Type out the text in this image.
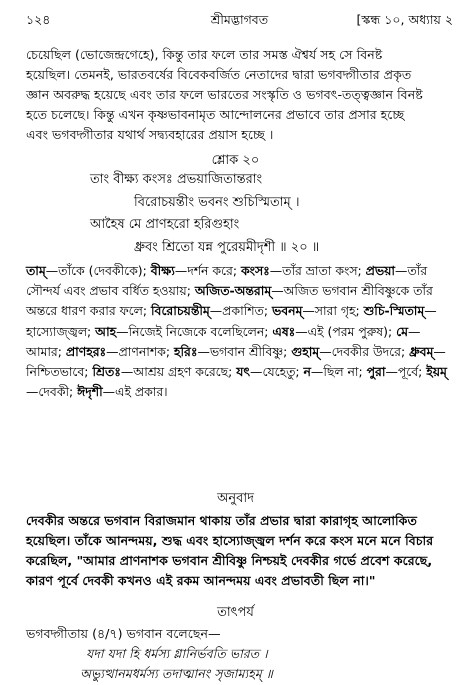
১২৪	শ্রীমদ্ভাগবত	[স্কন্ধ ১০, অধ্যায় ২
চেয়েছিল (ভোজেন্দ্রগেহে), কিন্তু তার ফলে তার সমস্ত ঐশ্বর্য সহ সে বিনষ্ট
হয়েছিল। তেমনই, ভারতবর্ষের বিবেকবর্জিত নেতাদের দ্বারা ভগবদ্গীতার প্রকৃত
জ্ঞান অবরুদ্ধ হয়েছে এবং তার ফলে ভারতের সংস্কৃতি ও ভগবৎ-তত্ত্বজ্ঞান বিনষ্ট
হতে চলেছে। কিন্তু এখন কৃষ্ণভাবনামৃত আন্দোলনের প্রভাবে তার প্রসার হচ্ছে
এবং ভগবদ্গীতার যথার্থ সদ্ব্যবহারের প্রয়াস হচ্ছে ।
শ্লোক ২০
তাং বীক্ষ্য কংসঃ প্রভয়াজিতান্তরাং
বিরোচয়ন্তীং ভবনং শুচিস্মিতাম্ ।
আহৈষ মে প্রাণহরো হরিগুহাং
ধ্রুবং শ্রিতো যন্ন পুরেয়মীদৃশী ॥ ২০ ॥
তাম্—তাঁকে (দেবকীকে); বীক্ষ্য—দর্শন করে; কংসঃ—তাঁর ভ্রাতা কংস; প্রভয়া—তাঁর সৌন্দর্য এবং প্রভাব বর্ধিত হওয়ায়; অজিত-অন্তরাম্—অজিত ভগবান শ্রীবিষ্ণুকে তাঁর অন্তরে ধারণ করার ফলে; বিরোচয়ন্তীম্—প্রকাশিত; ভবনম্—সারা গৃহ; শুচি-স্মিতাম্—হাস্যোজ্জ্বল; আহ—নিজেই নিজেকে বলেছিলেন; এষঃ—এই (পরম পুরুষ); মে—আমার; প্রাণহরঃ—প্রাণনাশক; হরিঃ—ভগবান শ্রীবিষ্ণু; গুহাম্—দেবকীর উদরে; ধ্রুবম্—নিশ্চিতভাবে; শ্রিতঃ—আশ্রয় গ্রহণ করেছে; যৎ—যেহেতু; ন—ছিল না; পুরা—পূর্বে; ইয়ম্—দেবকী; ঈদৃশী—এই প্রকার।
অনুবাদ
দেবকীর অন্তরে ভগবান বিরাজমান থাকায় তাঁর প্রভার দ্বারা কারাগৃহ আলোকিত হয়েছিল। তাঁকে আনন্দময়, শুদ্ধ এবং হাস্যোজ্জ্বল দর্শন করে কংস মনে মনে বিচার করেছিল, "আমার প্রাণনাশক ভগবান শ্রীবিষ্ণু নিশ্চয়ই দেবকীর গর্ভে প্রবেশ করেছে, কারণ পূর্বে দেবকী কখনও এই রকম আনন্দময় এবং প্রভাবতী ছিল না।"
তাৎপর্য
ভগবদ্গীতায় (৪/৭) ভগবান বলেছেন—
যদা যদা হি ধর্মস্য গ্লানির্ভবতি ভারত ।
অভ্যুত্থানমধর্মস্য তদাত্মানং সৃজাম্যহম্ ॥
